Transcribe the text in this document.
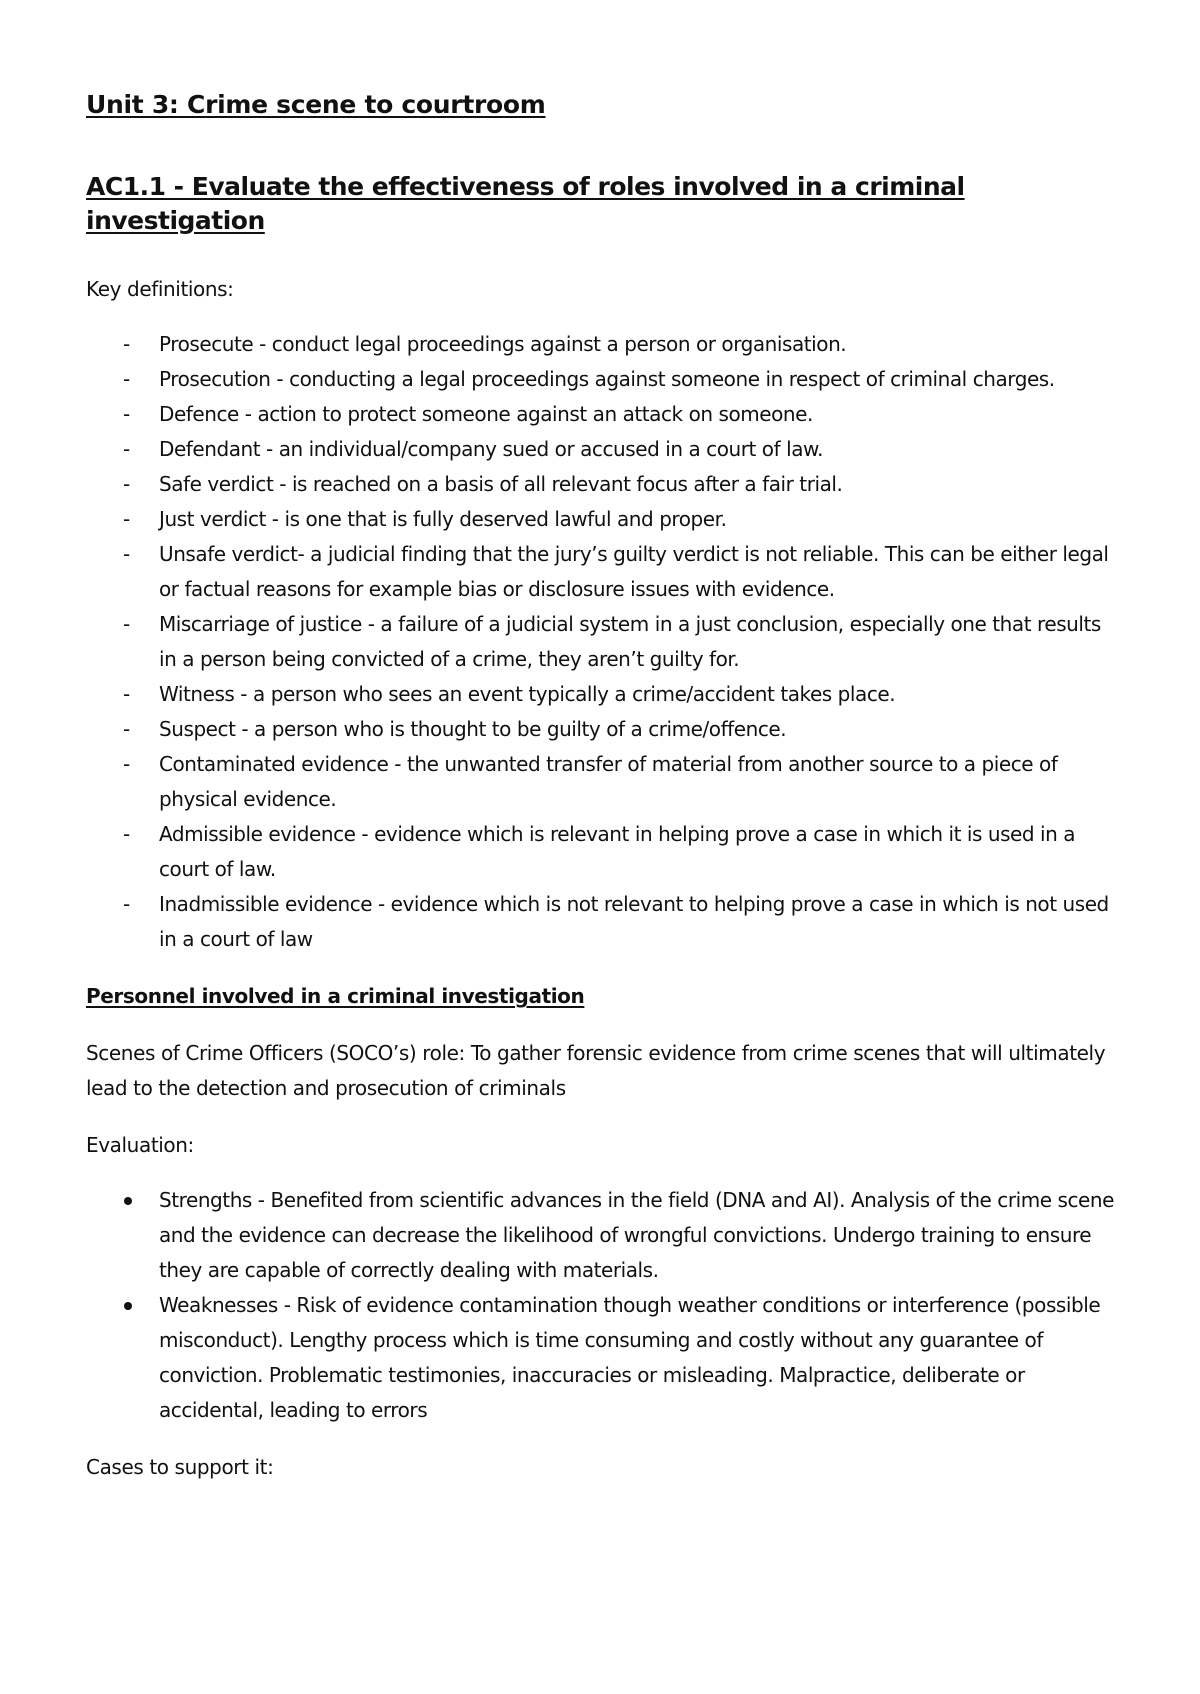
Unit 3: Crime scene to courtroom
AC1.1 - Evaluate the effectiveness of roles involved in a criminal investigation

Key definitions:

- Prosecute - conduct legal proceedings against a person or organisation.
- Prosecution - conducting a legal proceedings against someone in respect of criminal charges.
- Defence - action to protect someone against an attack on someone.
- Defendant - an individual/company sued or accused in a court of law.
- Safe verdict - is reached on a basis of all relevant focus after a fair trial.
- Just verdict - is one that is fully deserved lawful and proper.
- Unsafe verdict- a judicial finding that the jury’s guilty verdict is not reliable. This can be either legal or factual reasons for example bias or disclosure issues with evidence.
- Miscarriage of justice - a failure of a judicial system in a just conclusion, especially one that results in a person being convicted of a crime, they aren’t guilty for.
- Witness - a person who sees an event typically a crime/accident takes place.
- Suspect - a person who is thought to be guilty of a crime/offence.
- Contaminated evidence - the unwanted transfer of material from another source to a piece of physical evidence.
- Admissible evidence - evidence which is relevant in helping prove a case in which it is used in a court of law.
- Inadmissible evidence - evidence which is not relevant to helping prove a case in which is not used in a court of law
Personnel involved in a criminal investigation

Scenes of Crime Officers (SOCO’s) role: To gather forensic evidence from crime scenes that will ultimately lead to the detection and prosecution of criminals

Evaluation:

Strengths - Benefited from scientific advances in the field (DNA and AI). Analysis of the crime scene and the evidence can decrease the likelihood of wrongful convictions. Undergo training to ensure they are capable of correctly dealing with materials.
Weaknesses - Risk of evidence contamination though weather conditions or interference (possible misconduct). Lengthy process which is time consuming and costly without any guarantee of conviction. Problematic testimonies, inaccuracies or misleading. Malpractice, deliberate or accidental, leading to errors

Cases to support it:
